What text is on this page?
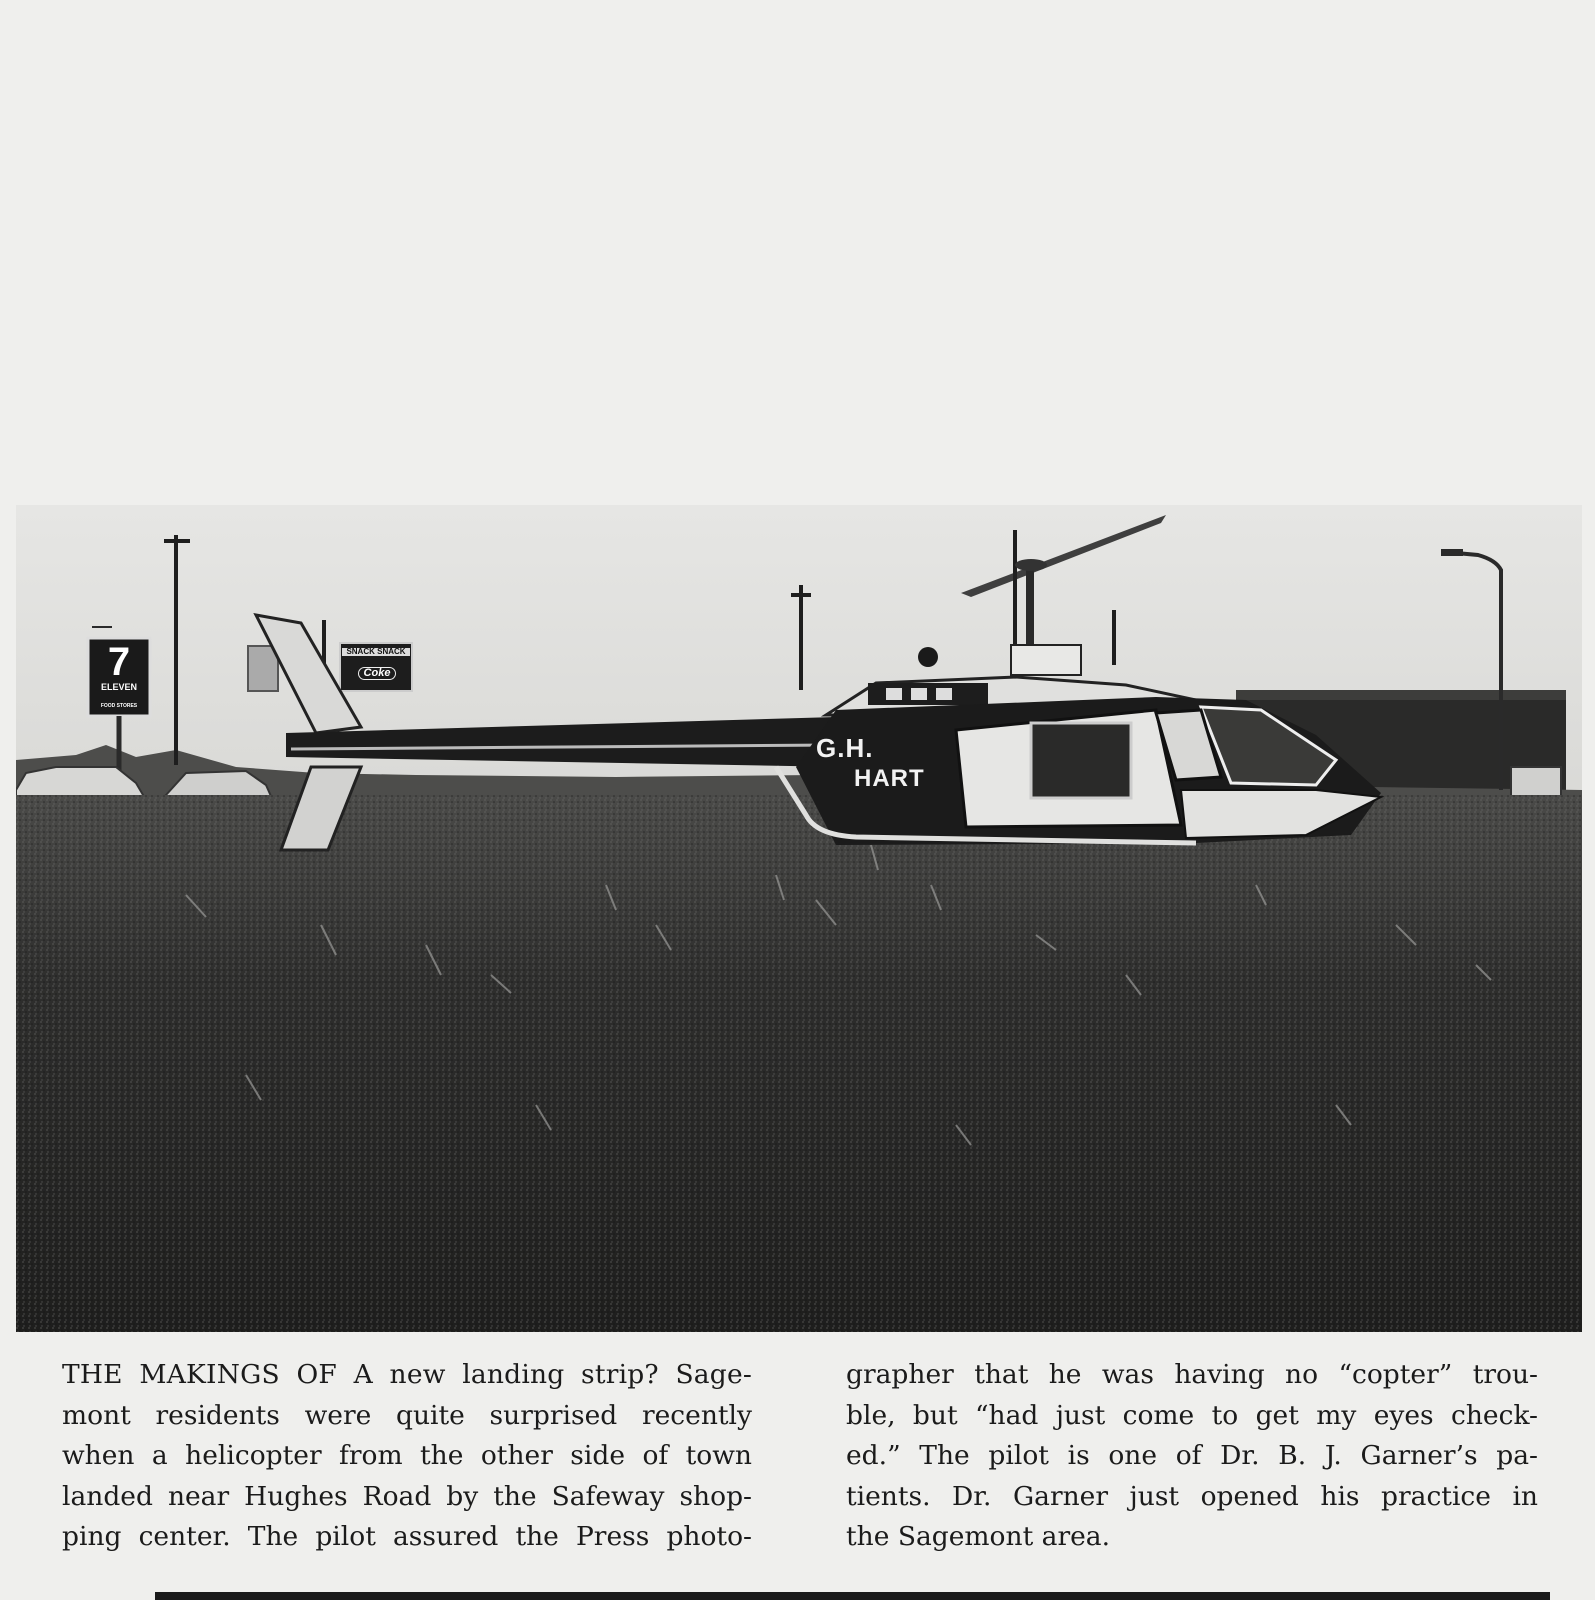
7
ELEVEN
FOOD STORES
SNACK SNACK
Coke
G.H.
HART
THE MAKINGS OF A new landing strip? Sage-
mont residents were quite surprised recently
when a helicopter from the other side of town
landed near Hughes Road by the Safeway shop-
ping center. The pilot assured the Press photo-
grapher that he was having no “copter” trou-
ble, but “had just come to get my eyes check-
ed.” The pilot is one of Dr. B. J. Garner’s pa-
tients. Dr. Garner just opened his practice in
the Sagemont area.
